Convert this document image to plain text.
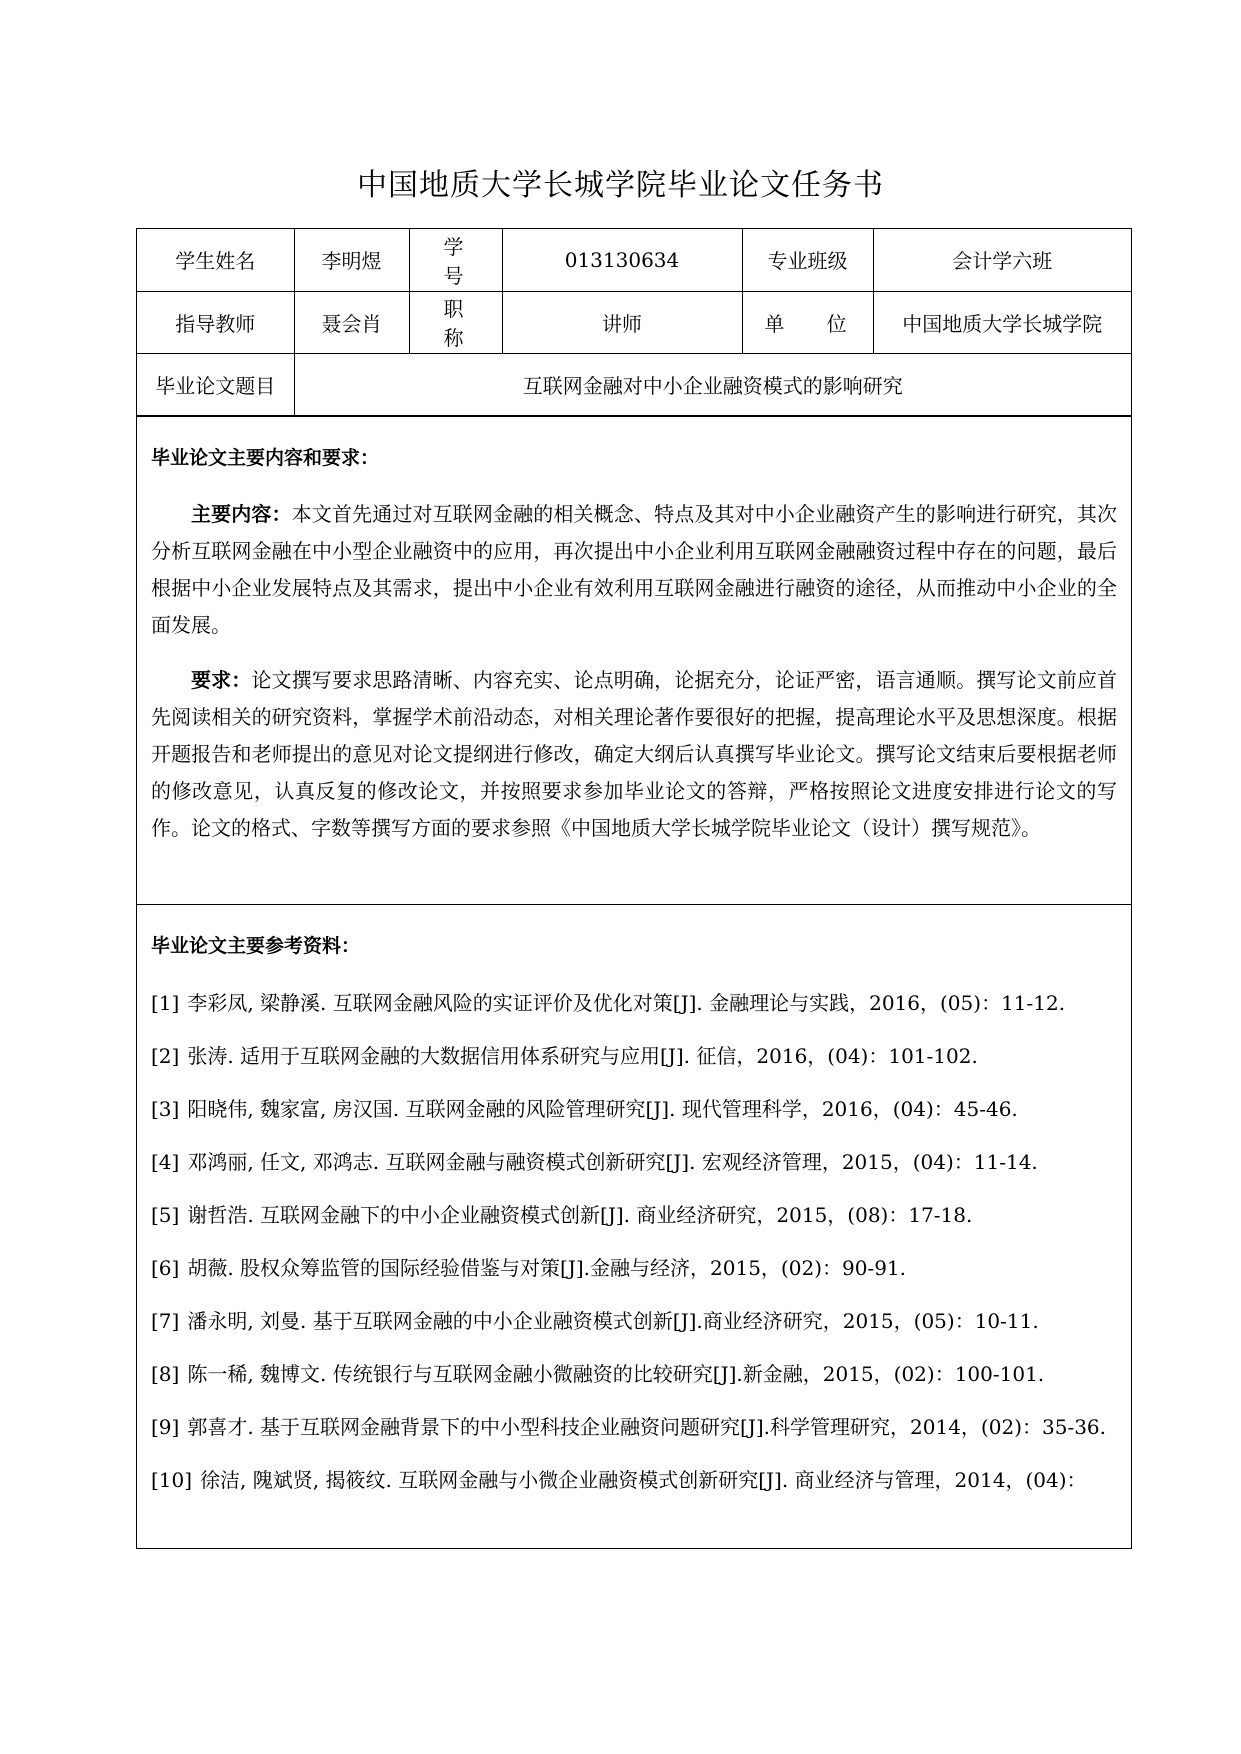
中国地质大学长城学院毕业论文任务书
学生姓名	李明煜	学 号	013130634	专业班级	会计学六班
指导教师	聂会肖	职 称	讲师	单 位	中国地质大学长城学院
毕业论文题目	互联网金融对中小企业融资模式的影响研究				
毕业论文主要内容和要求：

主要内容：本文首先通过对互联网金融的相关概念、特点及其对中小企业融资产生的影响进行研究，其次分析互联网金融在中小型企业融资中的应用，再次提出中小企业利用互联网金融融资过程中存在的问题，最后根据中小企业发展特点及其需求，提出中小企业有效利用互联网金融进行融资的途径，从而推动中小企业的全面发展。

要求：论文撰写要求思路清晰、内容充实、论点明确，论据充分，论证严密，语言通顺。撰写论文前应首先阅读相关的研究资料，掌握学术前沿动态，对相关理论著作要很好的把握，提高理论水平及思想深度。根据开题报告和老师提出的意见对论文提纲进行修改，确定大纲后认真撰写毕业论文。撰写论文结束后要根据老师的修改意见，认真反复的修改论文，并按照要求参加毕业论文的答辩，严格按照论文进度安排进行论文的写作。论文的格式、字数等撰写方面的要求参照《中国地质大学长城学院毕业论文（设计）撰写规范》。

毕业论文主要参考资料：

[1] 李彩凤, 梁静溪. 互联网金融风险的实证评价及优化对策[J]. 金融理论与实践，2016，(05)：11-12.

[2] 张涛. 适用于互联网金融的大数据信用体系研究与应用[J]. 征信，2016，(04)：101-102.

[3] 阳晓伟, 魏家富, 房汉国. 互联网金融的风险管理研究[J]. 现代管理科学，2016，(04)：45-46.

[4] 邓鸿丽, 任文, 邓鸿志. 互联网金融与融资模式创新研究[J]. 宏观经济管理，2015，(04)：11-14.

[5] 谢哲浩. 互联网金融下的中小企业融资模式创新[J]. 商业经济研究，2015，(08)：17-18.

[6] 胡薇. 股权众筹监管的国际经验借鉴与对策[J].金融与经济，2015，(02)：90-91.

[7] 潘永明, 刘曼. 基于互联网金融的中小企业融资模式创新[J].商业经济研究，2015，(05)：10-11.

[8] 陈一稀, 魏博文. 传统银行与互联网金融小微融资的比较研究[J].新金融，2015，(02)：100-101.

[9] 郭喜才. 基于互联网金融背景下的中小型科技企业融资问题研究[J].科学管理研究，2014，(02)：35-36.

[10] 徐洁, 隗斌贤, 揭筱纹. 互联网金融与小微企业融资模式创新研究[J]. 商业经济与管理，2014，(04)：
